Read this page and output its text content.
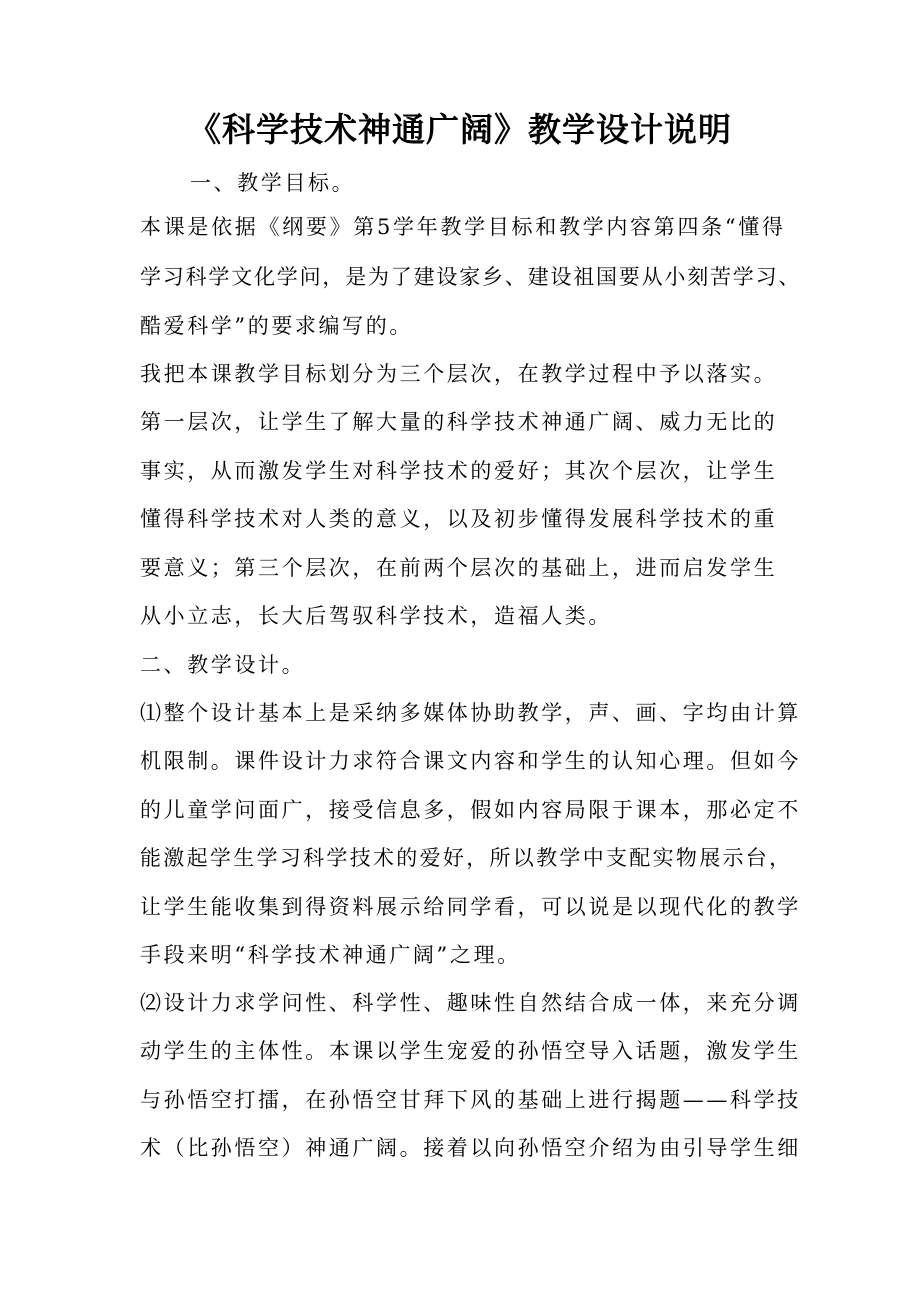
《科学技术神通广阔》教学设计说明
一、教学目标。
本课是依据《纲要》第5学年教学目标和教学内容第四条“懂得
学习科学文化学问，是为了建设家乡、建设祖国要从小刻苦学习、
酷爱科学”的要求编写的。
我把本课教学目标划分为三个层次，在教学过程中予以落实。
第一层次，让学生了解大量的科学技术神通广阔、威力无比的
事实，从而激发学生对科学技术的爱好；其次个层次，让学生
懂得科学技术对人类的意义，以及初步懂得发展科学技术的重
要意义；第三个层次，在前两个层次的基础上，进而启发学生
从小立志，长大后驾驭科学技术，造福人类。
二、教学设计。
⑴整个设计基本上是采纳多媒体协助教学，声、画、字均由计算
机限制。课件设计力求符合课文内容和学生的认知心理。但如今
的儿童学问面广，接受信息多，假如内容局限于课本，那必定不
能激起学生学习科学技术的爱好，所以教学中支配实物展示台，
让学生能收集到得资料展示给同学看，可以说是以现代化的教学
手段来明“科学技术神通广阔”之理。
⑵设计力求学问性、科学性、趣味性自然结合成一体，来充分调
动学生的主体性。本课以学生宠爱的孙悟空导入话题，激发学生
与孙悟空打擂，在孙悟空甘拜下风的基础上进行揭题——科学技
术（比孙悟空）神通广阔。接着以向孙悟空介绍为由引导学生细
